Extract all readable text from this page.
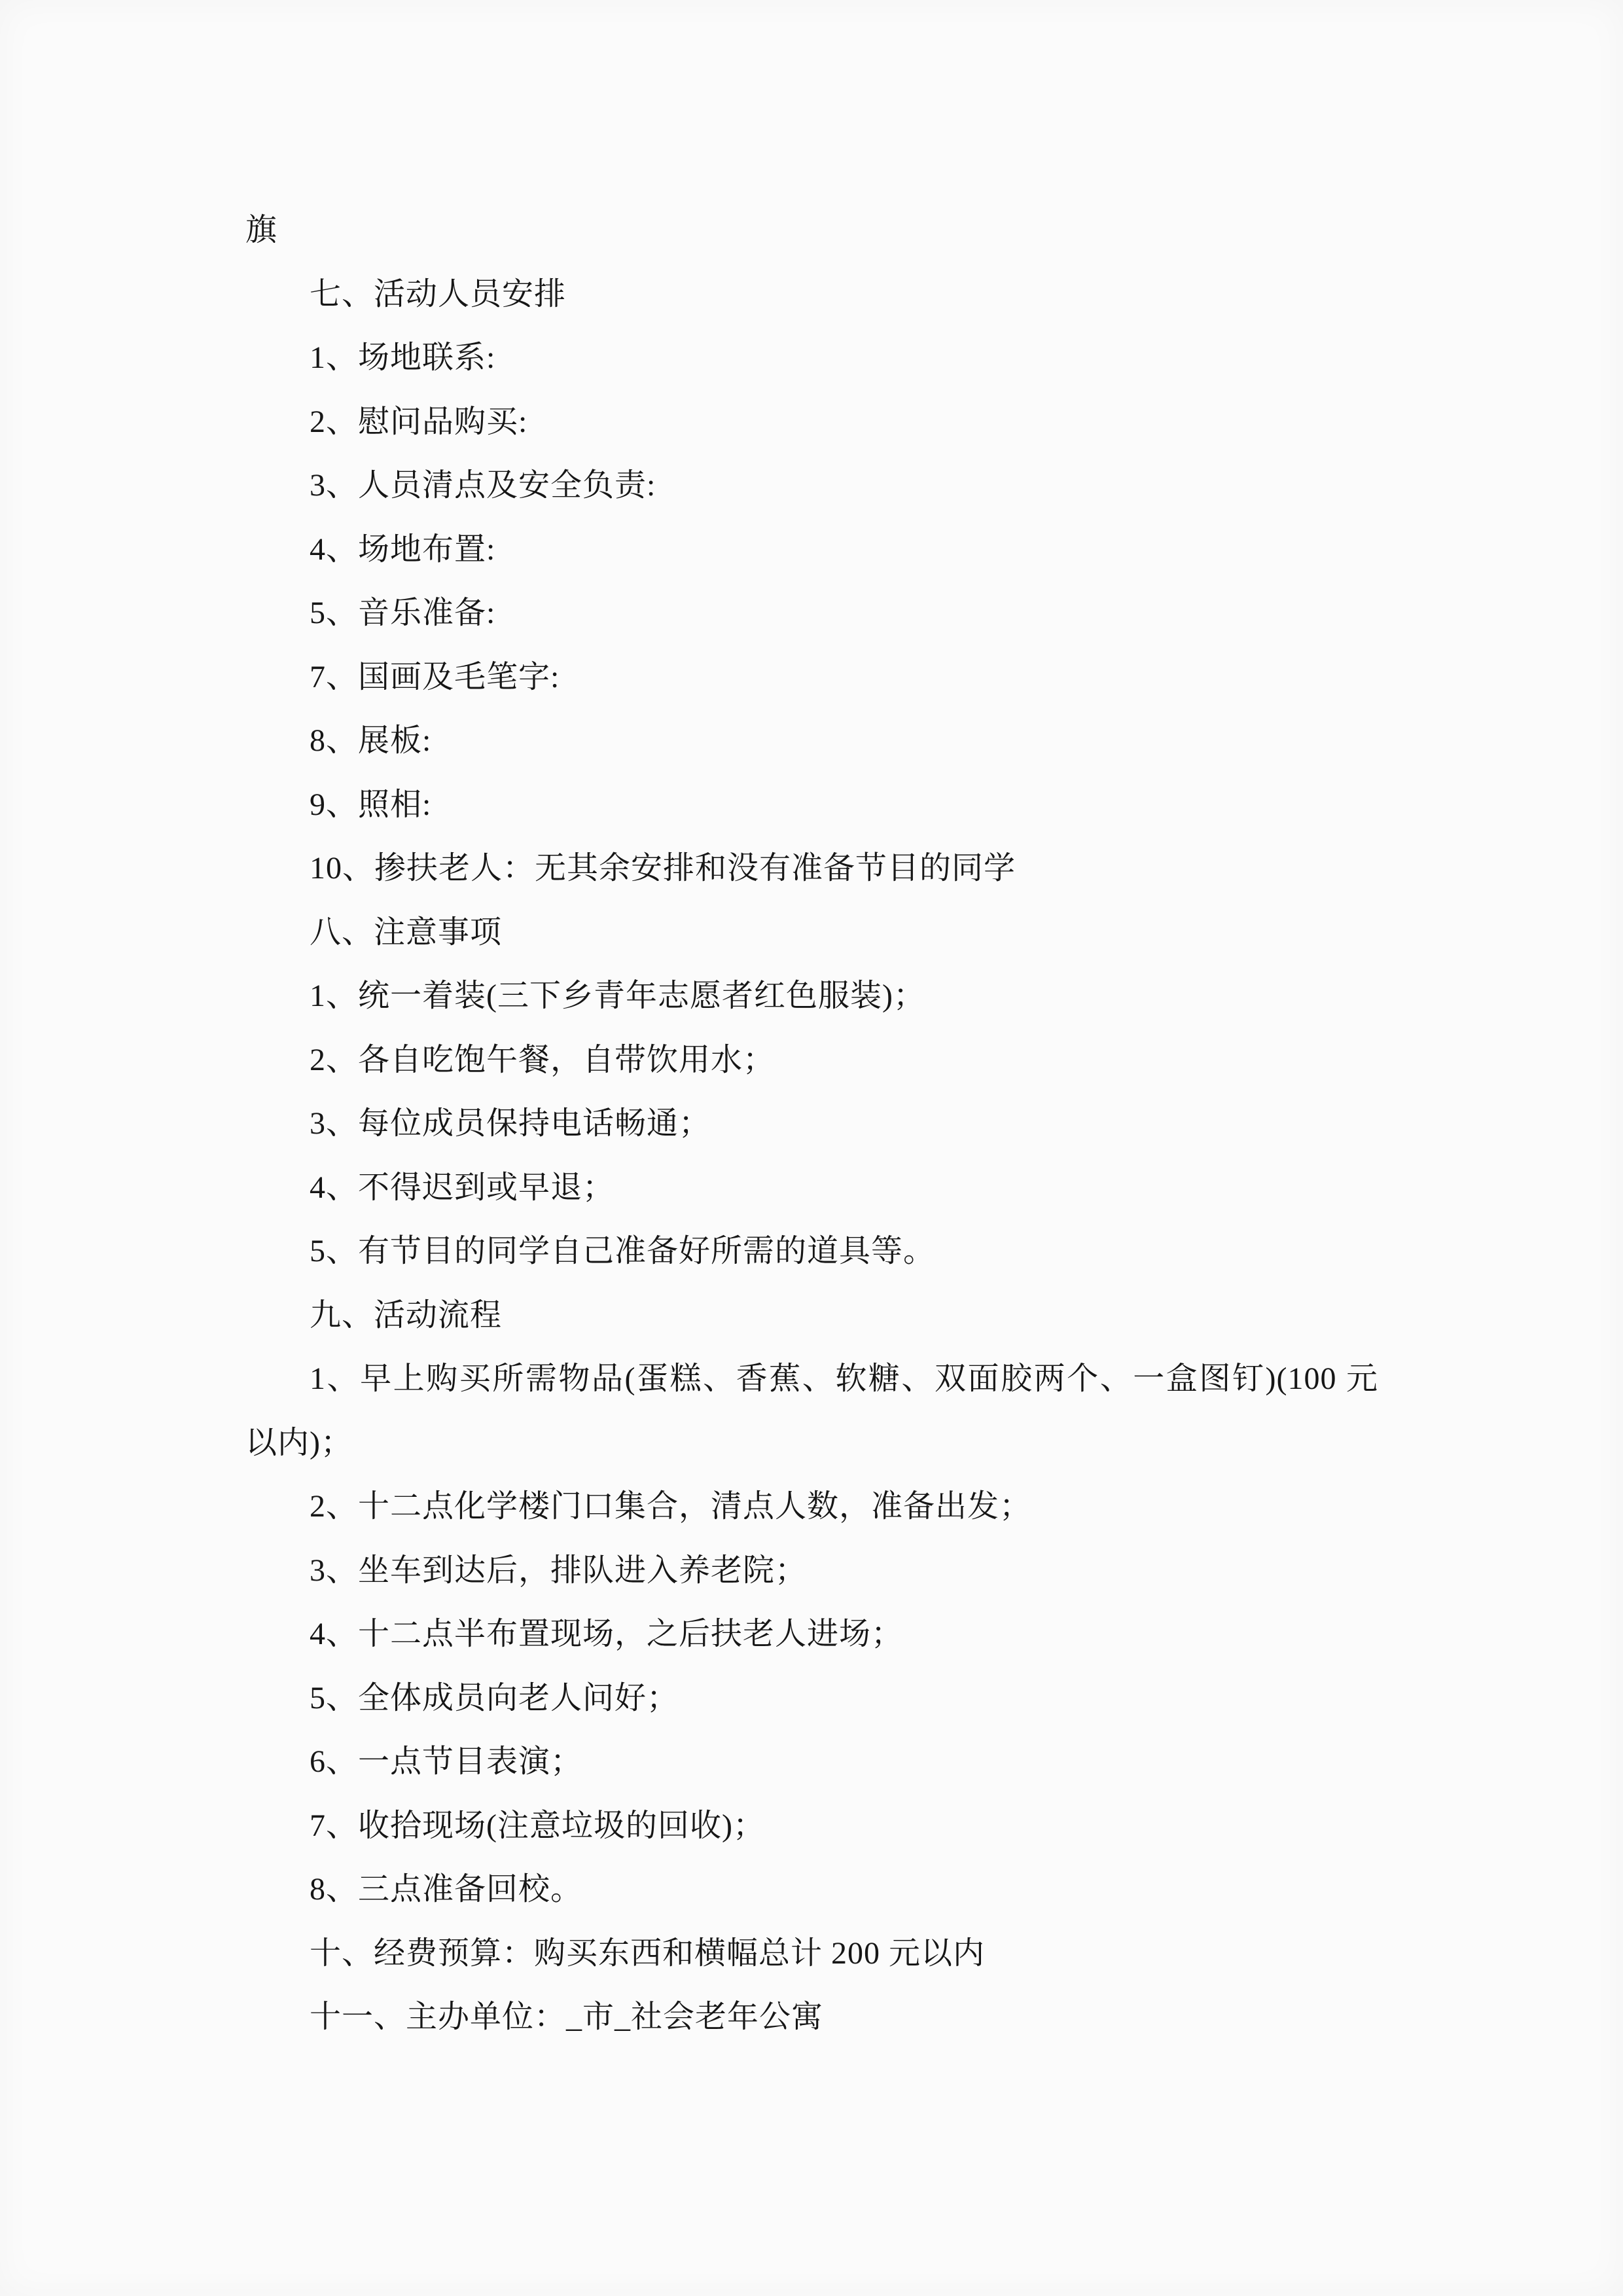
旗
七、活动人员安排
1、场地联系:
2、慰问品购买:
3、人员清点及安全负责:
4、场地布置:
5、音乐准备:
7、国画及毛笔字:
8、展板:
9、照相:
10、掺扶老人：无其余安排和没有准备节目的同学
八、注意事项
1、统一着装(三下乡青年志愿者红色服装)；
2、各自吃饱午餐，自带饮用水；
3、每位成员保持电话畅通；
4、不得迟到或早退；
5、有节目的同学自己准备好所需的道具等。
九、活动流程
1、早上购买所需物品(蛋糕、香蕉、软糖、双面胶两个、一盒图钉)(100 元
以内)；
2、十二点化学楼门口集合，清点人数，准备出发；
3、坐车到达后，排队进入养老院；
4、十二点半布置现场，之后扶老人进场；
5、全体成员向老人问好；
6、一点节目表演；
7、收拾现场(注意垃圾的回收)；
8、三点准备回校。
十、经费预算：购买东西和横幅总计 200 元以内
十一、主办单位：_市_社会老年公寓
